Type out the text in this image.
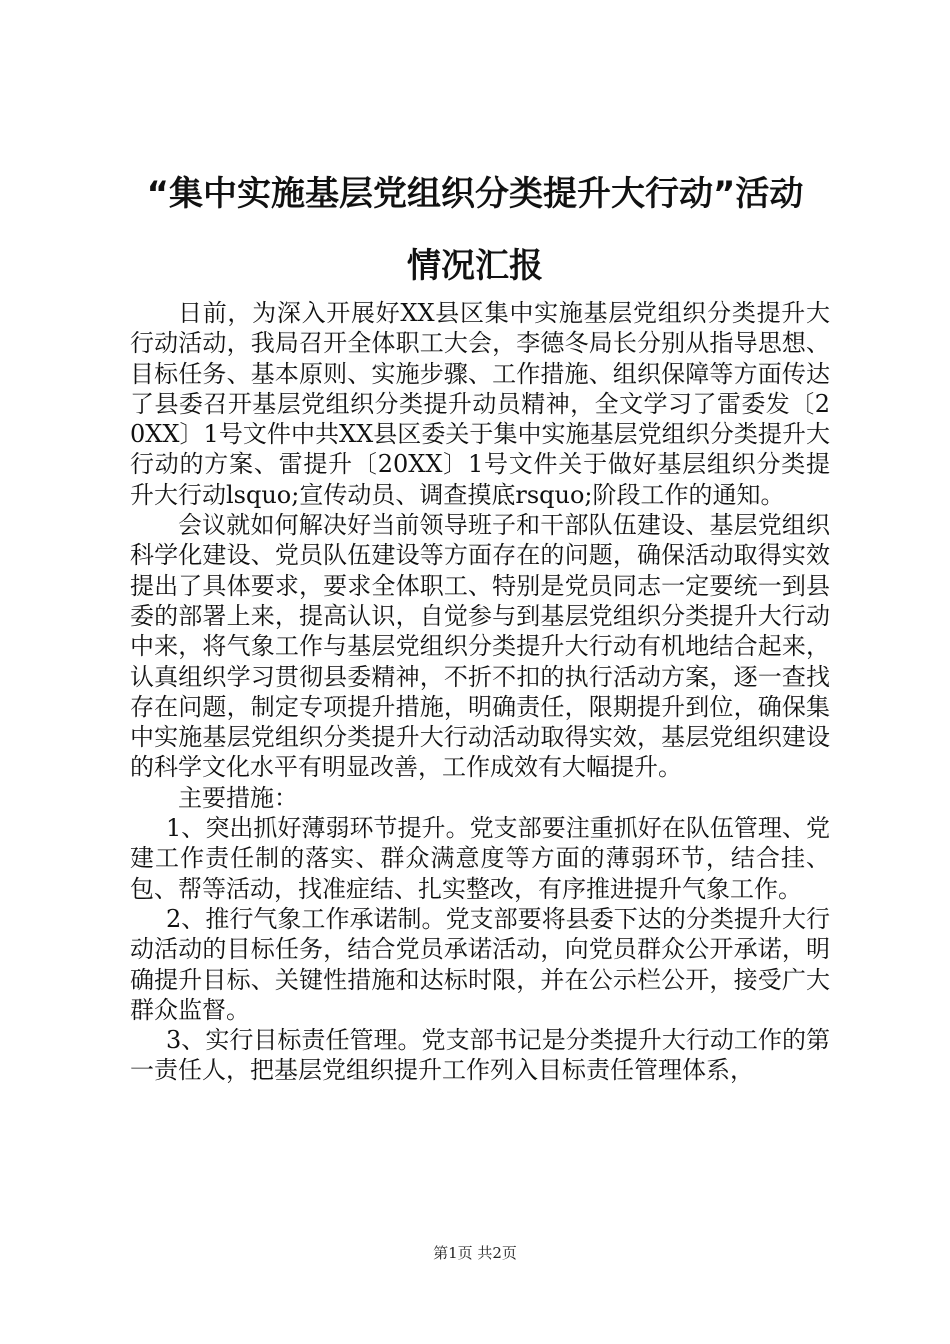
“集中实施基层党组织分类提升大行动”活动
情况汇报

日前，为深入开展好XX县区集中实施基层党组织分类提升大行动活动，我局召开全体职工大会，李德冬局长分别从指导思想、目标任务、基本原则、实施步骤、工作措施、组织保障等方面传达了县委召开基层党组织分类提升动员精神，全文学习了雷委发〔20XX〕1号文件中共XX县区委关于集中实施基层党组织分类提升大行动的方案、雷提升〔20XX〕1号文件关于做好基层组织分类提升大行动lsquo;宣传动员、调查摸底rsquo;阶段工作的通知。

会议就如何解决好当前领导班子和干部队伍建设、基层党组织科学化建设、党员队伍建设等方面存在的问题，确保活动取得实效提出了具体要求，要求全体职工、特别是党员同志一定要统一到县委的部署上来，提高认识，自觉参与到基层党组织分类提升大行动中来，将气象工作与基层党组织分类提升大行动有机地结合起来，认真组织学习贯彻县委精神，不折不扣的执行活动方案，逐一查找存在问题，制定专项提升措施，明确责任，限期提升到位，确保集中实施基层党组织分类提升大行动活动取得实效，基层党组织建设的科学文化水平有明显改善，工作成效有大幅提升。

主要措施：

1、突出抓好薄弱环节提升。党支部要注重抓好在队伍管理、党建工作责任制的落实、群众满意度等方面的薄弱环节，结合挂、包、帮等活动，找准症结、扎实整改，有序推进提升气象工作。

2、推行气象工作承诺制。党支部要将县委下达的分类提升大行动活动的目标任务，结合党员承诺活动，向党员群众公开承诺，明确提升目标、关键性措施和达标时限，并在公示栏公开，接受广大群众监督。

3、实行目标责任管理。党支部书记是分类提升大行动工作的第一责任人，把基层党组织提升工作列入目标责任管理体系，

第1页 共2页
